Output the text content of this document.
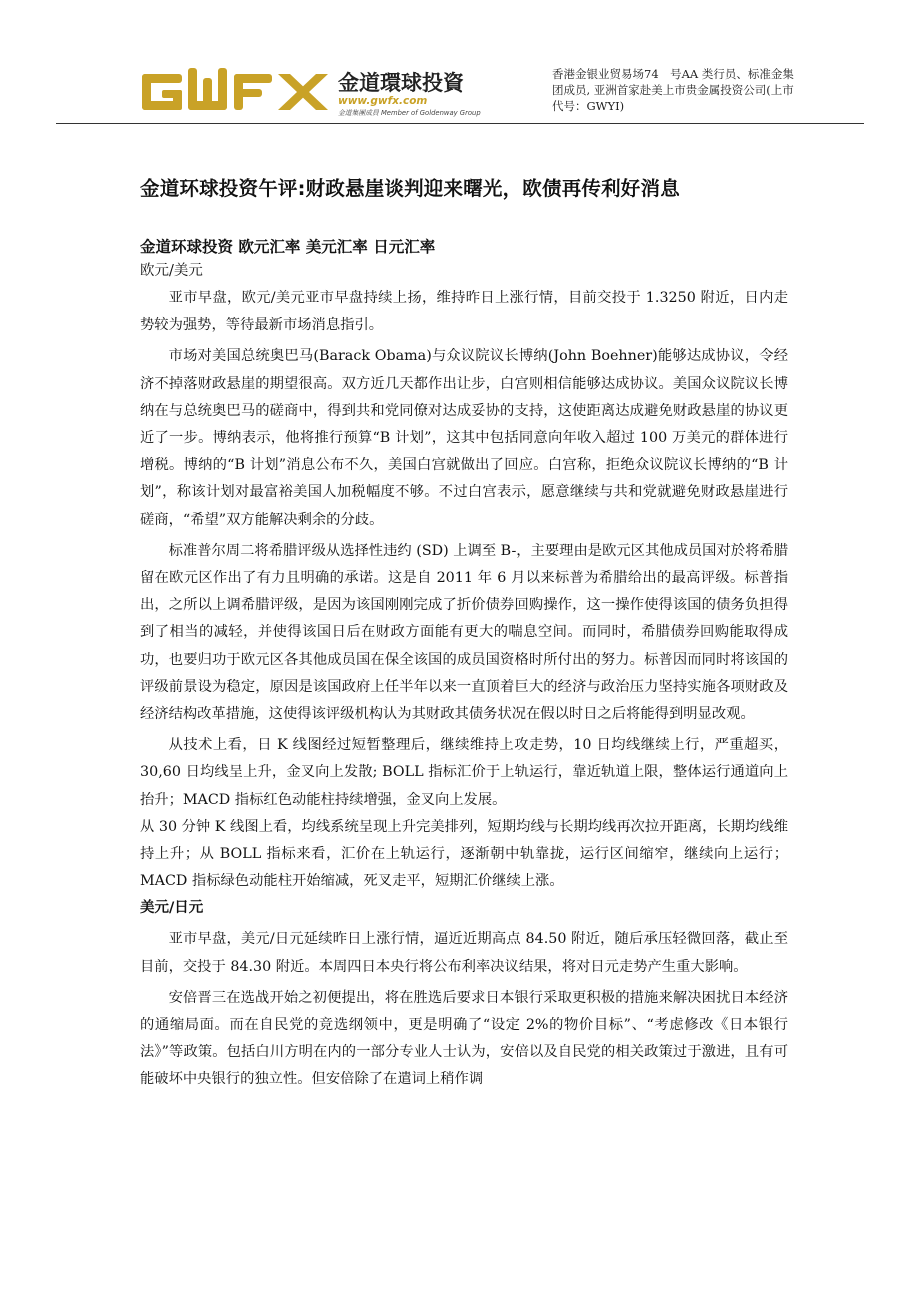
金道環球投資
www.gwfx.com
金道集團成員 Member of Goldenway Group
香港金银业贸易场74　号AA 类行员、标准金集团成员, 亚洲首家赴美上市贵金属投资公司(上市代号：GWYI)
金道环球投资午评:财政悬崖谈判迎来曙光，欧债再传利好消息
金道环球投资 欧元汇率 美元汇率 日元汇率
欧元/美元

亚市早盘，欧元/美元亚市早盘持续上扬，维持昨日上涨行情，目前交投于 1.3250 附近，日内走势较为强势，等待最新市场消息指引。

市场对美国总统奥巴马(Barack Obama)与众议院议长博纳(John Boehner)能够达成协议，令经济不掉落财政悬崖的期望很高。双方近几天都作出让步，白宫则相信能够达成协议。美国众议院议长博纳在与总统奥巴马的磋商中，得到共和党同僚对达成妥协的支持，这使距离达成避免财政悬崖的协议更近了一步。博纳表示，他将推行预算“B 计划”，这其中包括同意向年收入超过 100 万美元的群体进行增税。博纳的“B 计划”消息公布不久，美国白宫就做出了回应。白宫称，拒绝众议院议长博纳的“B 计划”，称该计划对最富裕美国人加税幅度不够。不过白宫表示，愿意继续与共和党就避免财政悬崖进行磋商，“希望”双方能解决剩余的分歧。

标准普尔周二将希腊评级从选择性违约 (SD) 上调至 B-，主要理由是欧元区其他成员国对於将希腊留在欧元区作出了有力且明确的承诺。这是自 2011 年 6 月以来标普为希腊给出的最高评级。标普指出，之所以上调希腊评级，是因为该国刚刚完成了折价债券回购操作，这一操作使得该国的债务负担得到了相当的减轻，并使得该国日后在财政方面能有更大的喘息空间。而同时，希腊债券回购能取得成功，也要归功于欧元区各其他成员国在保全该国的成员国资格时所付出的努力。标普因而同时将该国的评级前景设为稳定，原因是该国政府上任半年以来一直顶着巨大的经济与政治压力坚持实施各项财政及经济结构改革措施，这使得该评级机构认为其财政其债务状况在假以时日之后将能得到明显改观。

从技术上看，日 K 线图经过短暂整理后，继续维持上攻走势，10 日均线继续上行，严重超买，30,60 日均线呈上升，金叉向上发散; BOLL 指标汇价于上轨运行，靠近轨道上限，整体运行通道向上抬升；MACD 指标红色动能柱持续增强，金叉向上发展。

从 30 分钟 K 线图上看，均线系统呈现上升完美排列，短期均线与长期均线再次拉开距离，长期均线维持上升；从 BOLL 指标来看，汇价在上轨运行，逐渐朝中轨靠拢，运行区间缩窄，继续向上运行；MACD 指标绿色动能柱开始缩减，死叉走平，短期汇价继续上涨。

美元/日元

亚市早盘，美元/日元延续昨日上涨行情，逼近近期高点 84.50 附近，随后承压轻微回落，截止至目前，交投于 84.30 附近。本周四日本央行将公布利率决议结果，将对日元走势产生重大影响。

安倍晋三在选战开始之初便提出，将在胜选后要求日本银行采取更积极的措施来解决困扰日本经济的通缩局面。而在自民党的竞选纲领中，更是明确了“设定 2%的物价目标”、“考虑修改《日本银行法》”等政策。包括白川方明在内的一部分专业人士认为，安倍以及自民党的相关政策过于激进，且有可能破坏中央银行的独立性。但安倍除了在遣词上稍作调
